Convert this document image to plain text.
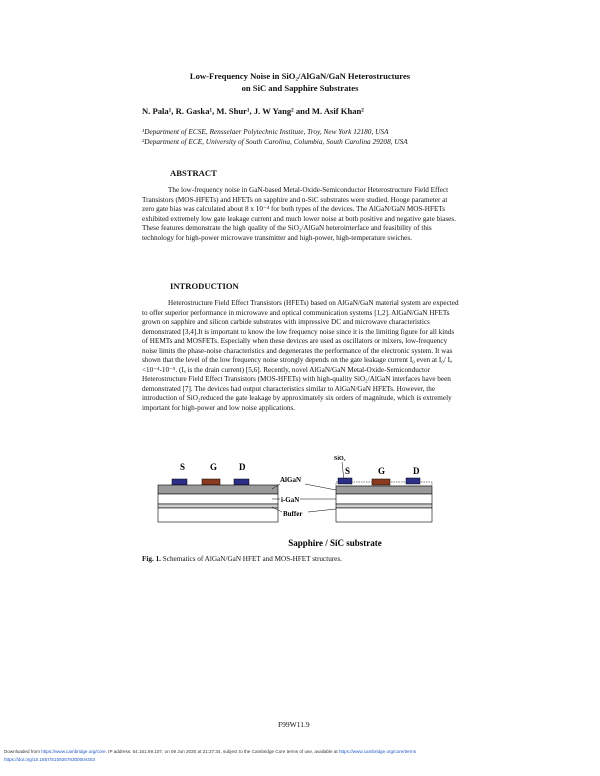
Low-Frequency Noise in SiO₂/AlGaN/GaN Heterostructures
on SiC and Sapphire Substrates
N. Pala¹, R. Gaska¹, M. Shur¹, J. W Yang² and M. Asif Khan²
¹Department of ECSE, Rensselaer Polytechnic Institute, Troy, New York 12180, USA
²Department of ECE, University of South Carolina, Columbia, South Carolina 29208, USA
ABSTRACT

The low-frequency noise in GaN-based Metal-Oxide-Semiconductor Heterostructure Field Effect Transistors (MOS-HFETs) and HFETs on sapphire and n-SiC substrates were studied. Hooge parameter at zero gate bias was calculated about 8 x 10⁻⁴ for both types of the devices. The AlGaN/GaN MOS-HFETs exhibited extremely low gate leakage current and much lower noise at both positive and negative gate biases. These features demonstrate the high quality of the SiO₂/AlGaN heterointerface and feasibility of this technology for high-power microwave transmitter and high-power, high-temperature swiches.

INTRODUCTION

Heterostructure Field Effect Transistors (HFETs) based on AlGaN/GaN material system are expected to offer superior performance in microwave and optical communication systems [1,2]. AlGaN/GaN HFETs grown on sapphire and silicon carbide substrates with impressive DC and microwave characteristics demonstrated [3,4].It is important to know the low frequency noise since it is the limiting figure for all kinds of HEMTs and MOSFETs. Especially when these devices are used as oscillators or mixers, low-frequency noise limits the phase-noise characteristics and degenerates the performance of the electronic system. It was shown that the level of the low frequency noise strongly depends on the gate leakage current I₀ even at I₀/ Iₐ <10⁻⁴-10⁻⁵. (Iₐ is the drain current) [5,6]. Recently, novel AlGaN/GaN Metal-Oxide-Semiconductor Heterostructure Field Effect Transistors (MOS-HFETs) with high-quality SiO₂/AlGaN interfaces have been demonstrated [7]. The devices had output characteristics similar to AlGaN/GaN HFETs. However, the introduction of SiO₂reduced the gate leakage by approximately six orders of magnitude, which is extremely important for high-power and low noise applications.

S	G D
AlGaN
i-GaN
Buffer
SiO₂
S	G	D
Sapphire / SiC substrate
Fig. 1. Schematics of AlGaN/GaN HFET and MOS-HFET structures.
F99W11.9
Downloaded from https://www.cambridge.org/core. IP address: 54.161.69.107, on 09 Jun 2020 at 21:27:34, subject to the Cambridge Core terms of use, available at https://www.cambridge.org/core/terms
https://doi.org/10.1557/S1092578300004403
